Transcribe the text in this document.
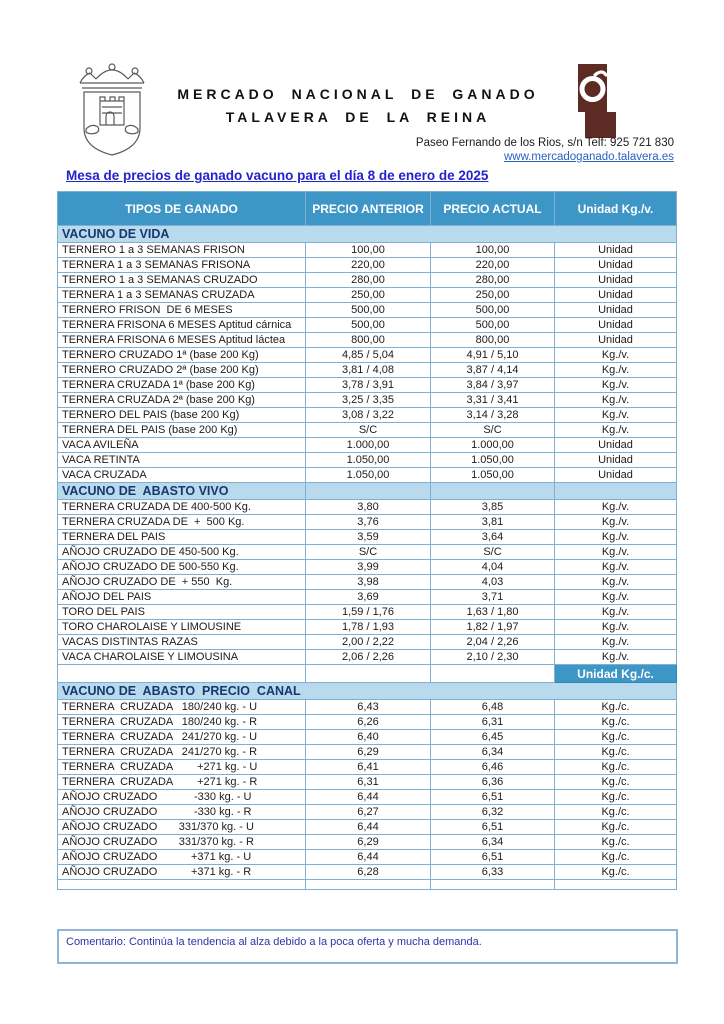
MERCADO NACIONAL DE GANADO
TALAVERA DE LA REINA
Paseo Fernando de los Rios, s/n Telf: 925 721 830
www.mercadoganado.talavera.es
Mesa de precios de ganado vacuno para el día 8 de enero de 2025
TIPOS DE GANADO	PRECIO ANTERIOR	PRECIO ACTUAL	Unidad Kg./v.
VACUNO DE VIDA			
TERNERO 1 a 3 SEMANAS FRISON	100,00	100,00	Unidad
TERNERA 1 a 3 SEMANAS FRISONA	220,00	220,00	Unidad
TERNERO 1 a 3 SEMANAS CRUZADO	280,00	280,00	Unidad
TERNERA 1 a 3 SEMANAS CRUZADA	250,00	250,00	Unidad
TERNERO FRISON  DE 6 MESES	500,00	500,00	Unidad
TERNERA FRISONA 6 MESES Aptitud cárnica	500,00	500,00	Unidad
TERNERA FRISONA 6 MESES Aptitud láctea	800,00	800,00	Unidad
TERNERO CRUZADO 1ª (base 200 Kg)	4,85 / 5,04	4,91 / 5,10	Kg./v.
TERNERO CRUZADO 2ª (base 200 Kg)	3,81 / 4,08	3,87 / 4,14	Kg./v.
TERNERA CRUZADA 1ª (base 200 Kg)	3,78 / 3,91	3,84 / 3,97	Kg./v.
TERNERA CRUZADA 2ª (base 200 Kg)	3,25 / 3,35	3,31 / 3,41	Kg./v.
TERNERO DEL PAIS (base 200 Kg)	3,08 / 3,22	3,14 / 3,28	Kg./v.
TERNERA DEL PAIS (base 200 Kg)	S/C	S/C	Kg./v.
VACA AVILEÑA	1.000,00	1.000,00	Unidad
VACA RETINTA	1.050,00	1.050,00	Unidad
VACA CRUZADA	1.050,00	1.050,00	Unidad
VACUNO DE  ABASTO VIVO			
TERNERA CRUZADA DE 400-500 Kg.	3,80	3,85	Kg./v.
TERNERA CRUZADA DE  +  500 Kg.	3,76	3,81	Kg./v.
TERNERA DEL PAIS	3,59	3,64	Kg./v.
AÑOJO CRUZADO DE 450-500 Kg.	S/C	S/C	Kg./v.
AÑOJO CRUZADO DE 500-550 Kg.	3,99	4,04	Kg./v.
AÑOJO CRUZADO DE  + 550  Kg.	3,98	4,03	Kg./v.
AÑOJO DEL PAIS	3,69	3,71	Kg./v.
TORO DEL PAIS	1,59 / 1,76	1,63 / 1,80	Kg./v.
TORO CHAROLAISE Y LIMOUSINE	1,78 / 1,93	1,82 / 1,97	Kg./v.
VACAS DISTINTAS RAZAS	2,00 / 2,22	2,04 / 2,26	Kg./v.
VACA CHAROLAISE Y LIMOUSINA	2,06 / 2,26	2,10 / 2,30	Kg./v.
			Unidad Kg./c.
VACUNO DE  ABASTO  PRECIO  CANAL			
TERNERA  CRUZADA   180/240 kg. - U	6,43	6,48	Kg./c.
TERNERA  CRUZADA   180/240 kg. - R	6,26	6,31	Kg./c.
TERNERA  CRUZADA   241/270 kg. - U	6,40	6,45	Kg./c.
TERNERA  CRUZADA   241/270 kg. - R	6,29	6,34	Kg./c.
TERNERA  CRUZADA        +271 kg. - U	6,41	6,46	Kg./c.
TERNERA  CRUZADA        +271 kg. - R	6,31	6,36	Kg./c.
AÑOJO CRUZADO            -330 kg. - U	6,44	6,51	Kg./c.
AÑOJO CRUZADO            -330 kg. - R	6,27	6,32	Kg./c.
AÑOJO CRUZADO       331/370 kg. - U	6,44	6,51	Kg./c.
AÑOJO CRUZADO       331/370 kg. - R	6,29	6,34	Kg./c.
AÑOJO CRUZADO           +371 kg. - U	6,44	6,51	Kg./c.
AÑOJO CRUZADO           +371 kg. - R	6,28	6,33	Kg./c.

Comentario: Continúa la tendencia al alza debido a la poca oferta y mucha demanda.
